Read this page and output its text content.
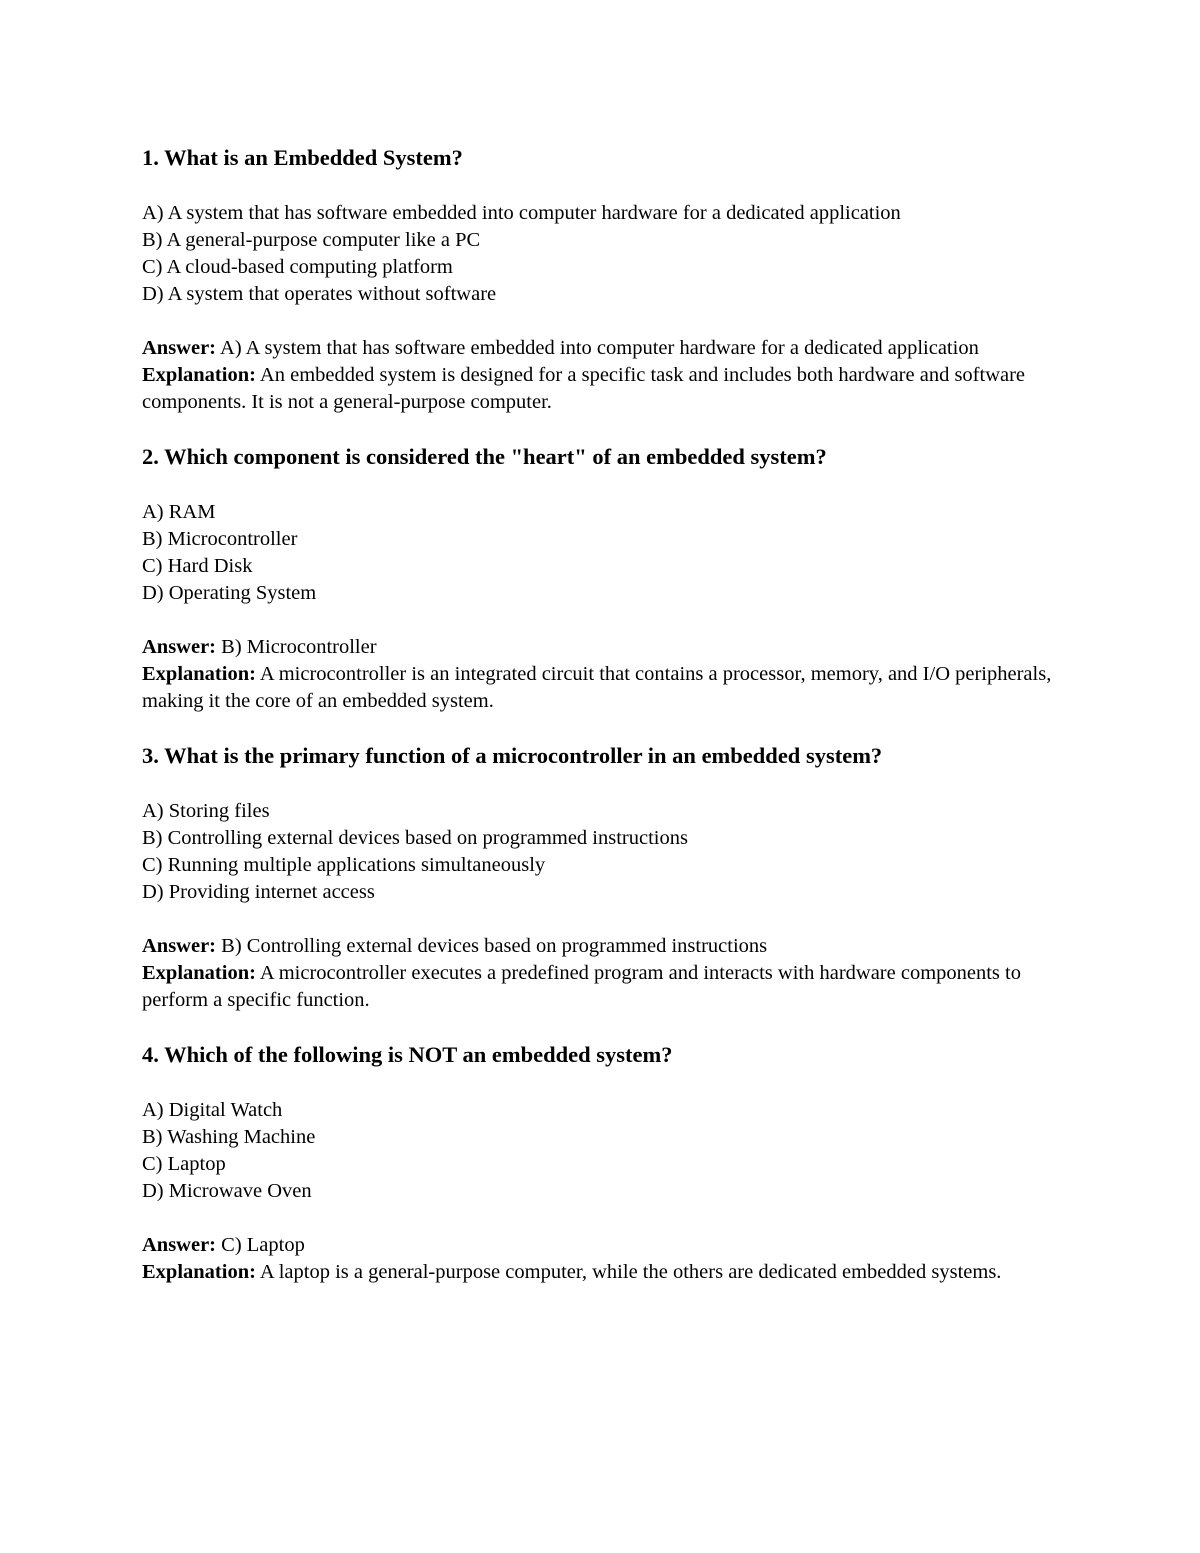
1. What is an Embedded System?

A) A system that has software embedded into computer hardware for a dedicated application
B) A general-purpose computer like a PC
C) A cloud-based computing platform
D) A system that operates without software
Answer: A) A system that has software embedded into computer hardware for a dedicated application
Explanation: An embedded system is designed for a specific task and includes both hardware and software components. It is not a general-purpose computer.

2. Which component is considered the "heart" of an embedded system?

A) RAM
B) Microcontroller
C) Hard Disk
D) Operating System
Answer: B) Microcontroller
Explanation: A microcontroller is an integrated circuit that contains a processor, memory, and I/O peripherals, making it the core of an embedded system.

3. What is the primary function of a microcontroller in an embedded system?

A) Storing files
B) Controlling external devices based on programmed instructions
C) Running multiple applications simultaneously
D) Providing internet access
Answer: B) Controlling external devices based on programmed instructions
Explanation: A microcontroller executes a predefined program and interacts with hardware components to perform a specific function.

4. Which of the following is NOT an embedded system?

A) Digital Watch
B) Washing Machine
C) Laptop
D) Microwave Oven
Answer: C) Laptop
Explanation: A laptop is a general-purpose computer, while the others are dedicated embedded systems.
